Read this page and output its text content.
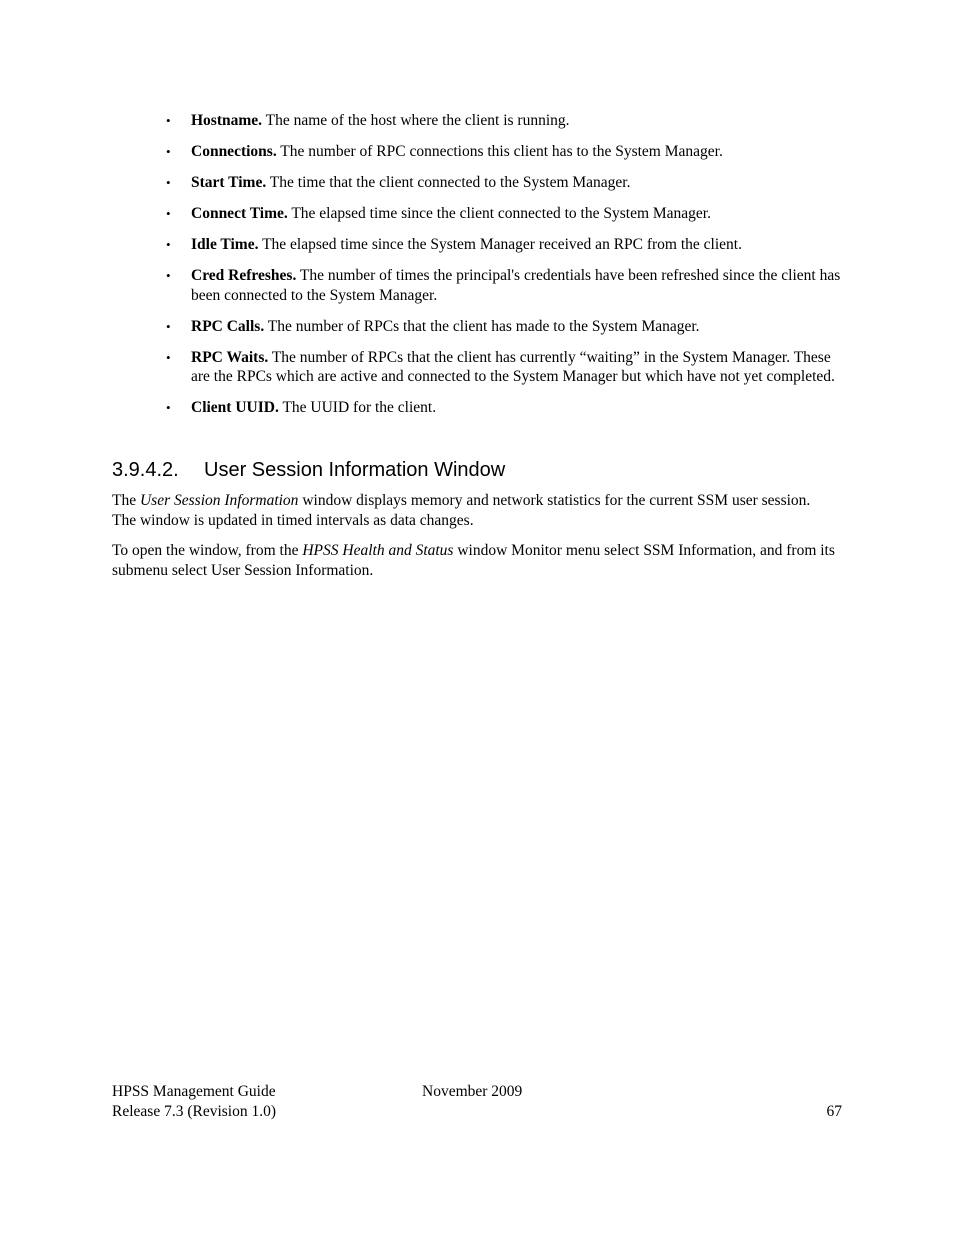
• Hostname. The name of the host where the client is running.
• Connections. The number of RPC connections this client has to the System Manager.
• Start Time. The time that the client connected to the System Manager.
• Connect Time. The elapsed time since the client connected to the System Manager.
• Idle Time. The elapsed time since the System Manager received an RPC from the client.
• Cred Refreshes. The number of times the principal's credentials have been refreshed since the client has been connected to the System Manager.
• RPC Calls. The number of RPCs that the client has made to the System Manager.
• RPC Waits. The number of RPCs that the client has currently “waiting” in the System Manager. These are the RPCs which are active and connected to the System Manager but which have not yet completed.
• Client UUID. The UUID for the client.
3.9.4.2. User Session Information Window

The User Session Information window displays memory and network statistics for the current SSM user session. The window is updated in timed intervals as data changes.

To open the window, from the HPSS Health and Status window Monitor menu select SSM Information, and from its submenu select User Session Information.

HPSS Management Guide	November 2009
Release 7.3 (Revision 1.0)	67
